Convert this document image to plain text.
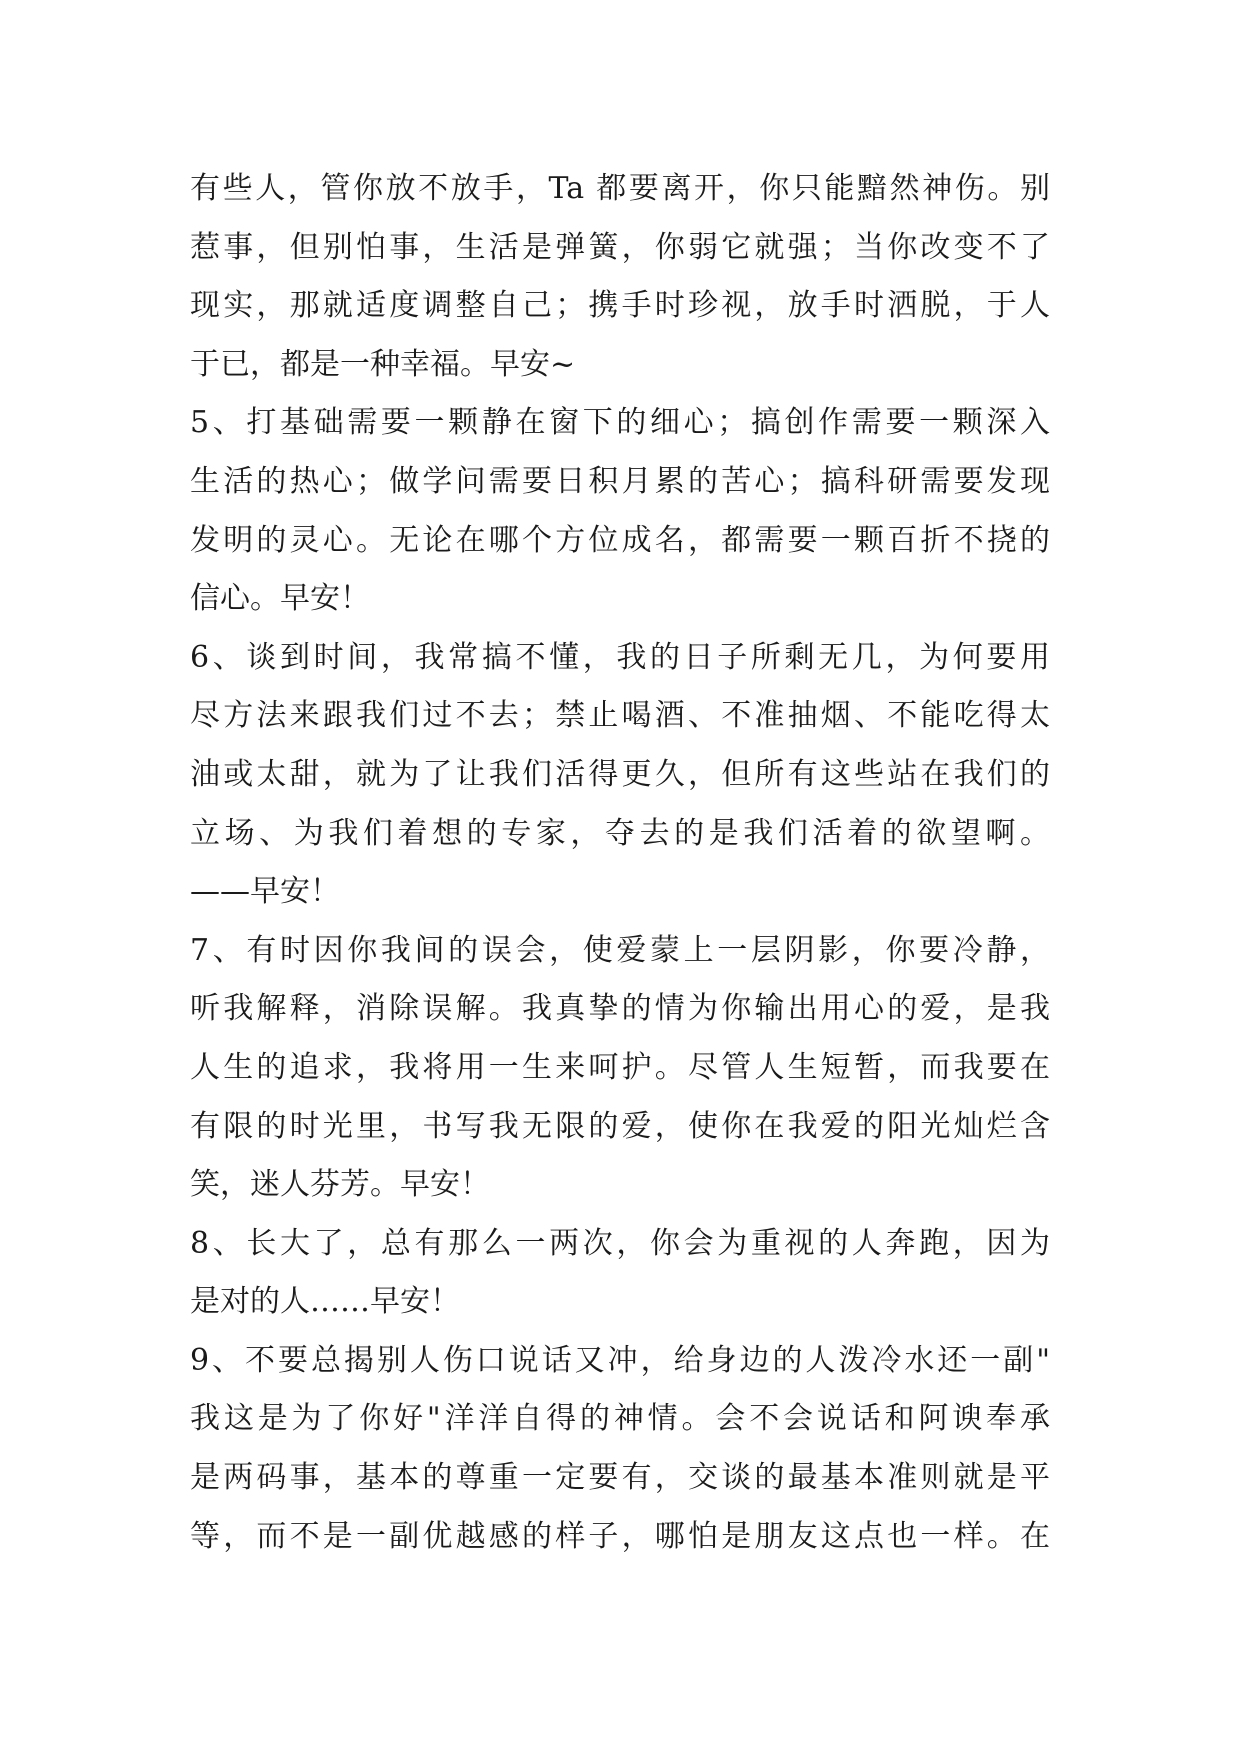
有些人，管你放不放手，Ta 都要离开，你只能黯然神伤。别
惹事，但别怕事，生活是弹簧，你弱它就强；当你改变不了
现实，那就适度调整自己；携手时珍视，放手时洒脱，于人
于已，都是一种幸福。早安~
5、打基础需要一颗静在窗下的细心；搞创作需要一颗深入
生活的热心；做学问需要日积月累的苦心；搞科研需要发现
发明的灵心。无论在哪个方位成名，都需要一颗百折不挠的
信心。早安！
6、谈到时间，我常搞不懂，我的日子所剩无几，为何要用
尽方法来跟我们过不去；禁止喝酒、不准抽烟、不能吃得太
油或太甜，就为了让我们活得更久，但所有这些站在我们的
立场、为我们着想的专家，夺去的是我们活着的欲望啊。
——早安！
7、有时因你我间的误会，使爱蒙上一层阴影，你要冷静，
听我解释，消除误解。我真挚的情为你输出用心的爱，是我
人生的追求，我将用一生来呵护。尽管人生短暂，而我要在
有限的时光里，书写我无限的爱，使你在我爱的阳光灿烂含
笑，迷人芬芳。早安！
8、长大了，总有那么一两次，你会为重视的人奔跑，因为
是对的人……早安！
9、不要总揭别人伤口说话又冲，给身边的人泼冷水还一副"
我这是为了你好"洋洋自得的神情。会不会说话和阿谀奉承
是两码事，基本的尊重一定要有，交谈的最基本准则就是平
等，而不是一副优越感的样子，哪怕是朋友这点也一样。在
